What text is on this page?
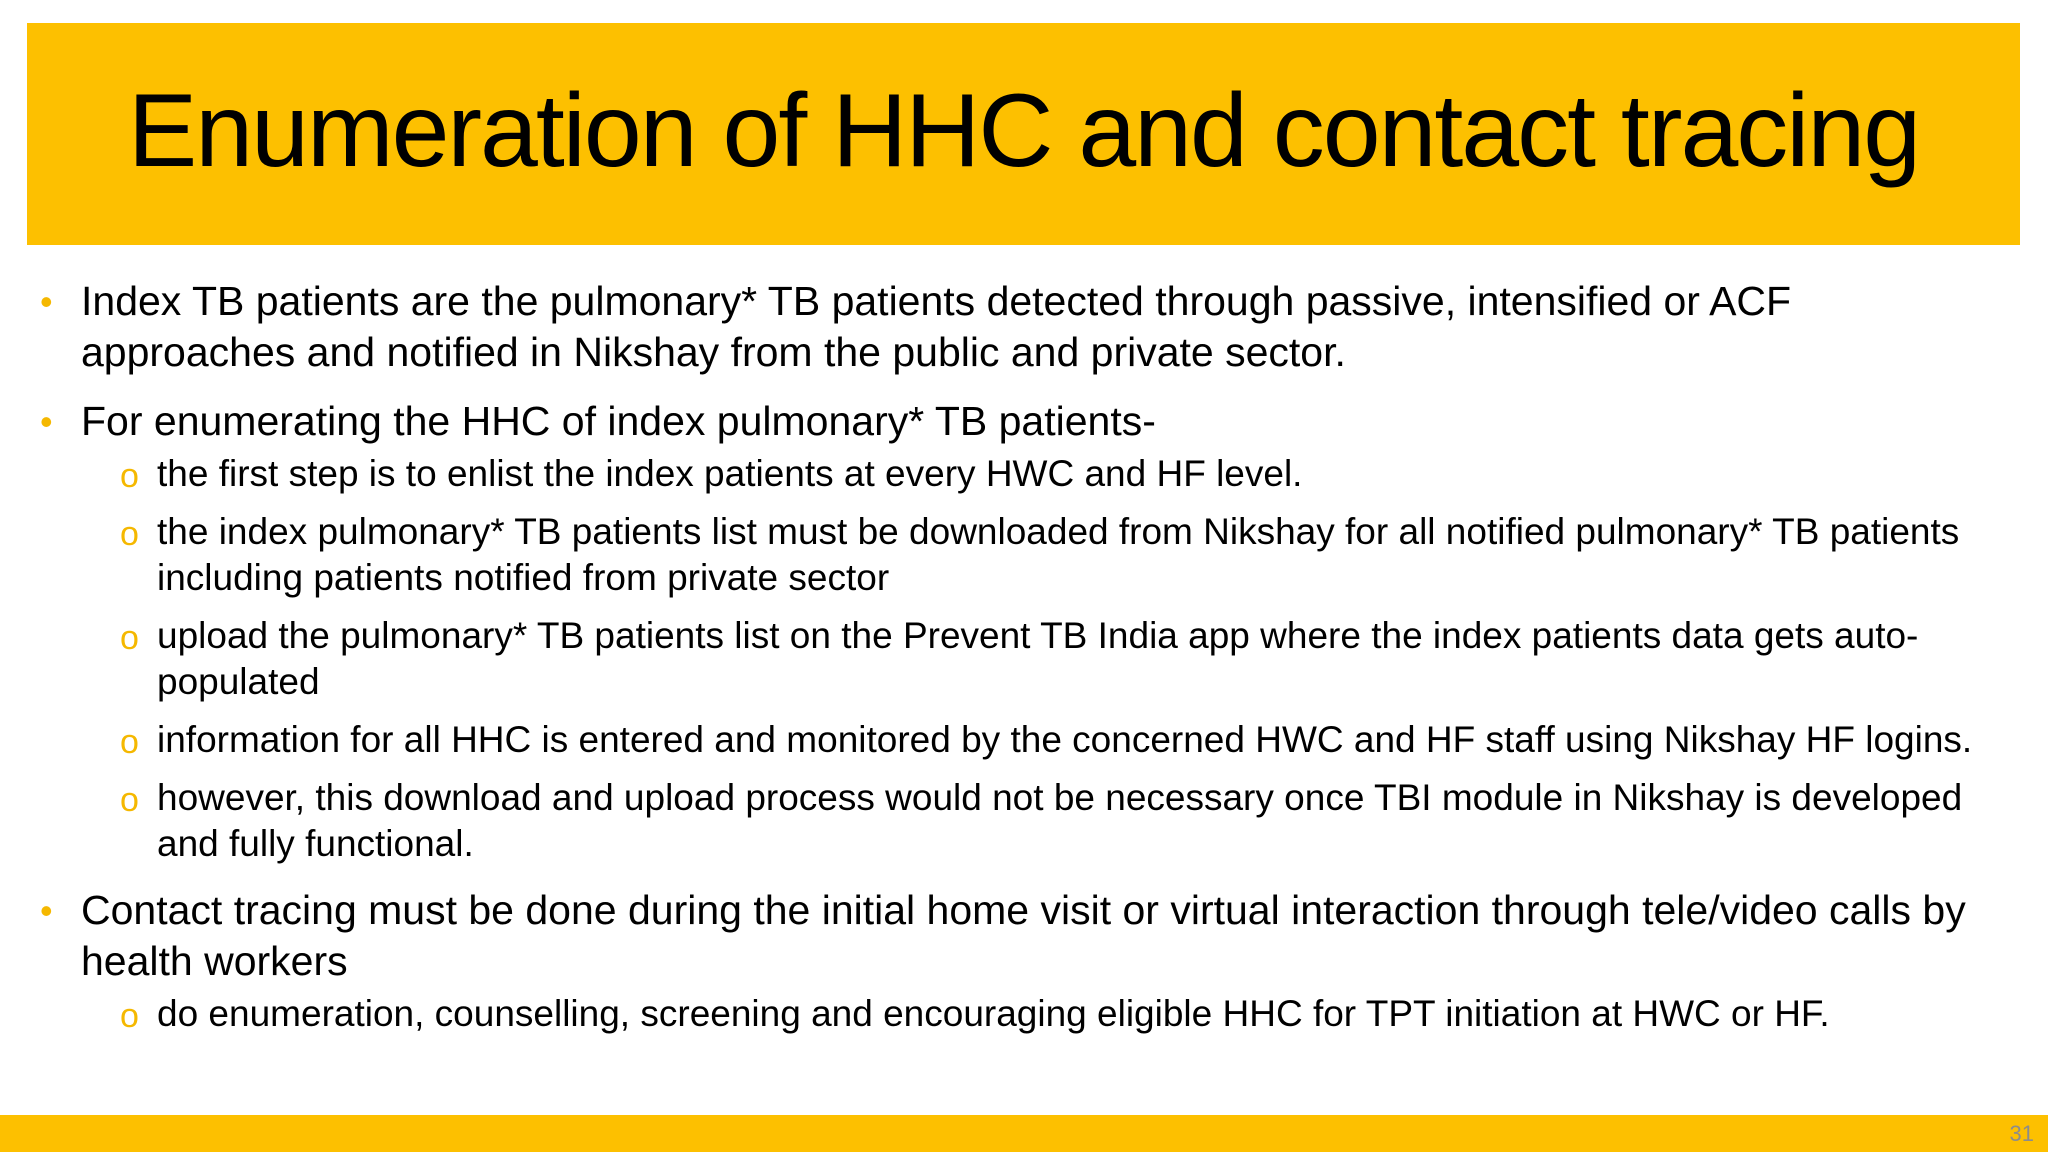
Enumeration of HHC and contact tracing
• Index TB patients are the pulmonary* TB patients detected through passive, intensified or ACF approaches and notified in Nikshay from the public and private sector.
• For enumerating the HHC of index pulmonary* TB patients-
o the first step is to enlist the index patients at every HWC and HF level.
o the index pulmonary* TB patients list must be downloaded from Nikshay for all notified pulmonary* TB patients including patients notified from private sector
o upload the pulmonary* TB patients list on the Prevent TB India app where the index patients data gets auto-populated
o information for all HHC is entered and monitored by the concerned HWC and HF staff using Nikshay HF logins.
o however, this download and upload process would not be necessary once TBI module in Nikshay is developed and fully functional.
• Contact tracing must be done during the initial home visit or virtual interaction through tele/video calls by health workers
o do enumeration, counselling, screening and encouraging eligible HHC for TPT initiation at HWC or HF.
31
